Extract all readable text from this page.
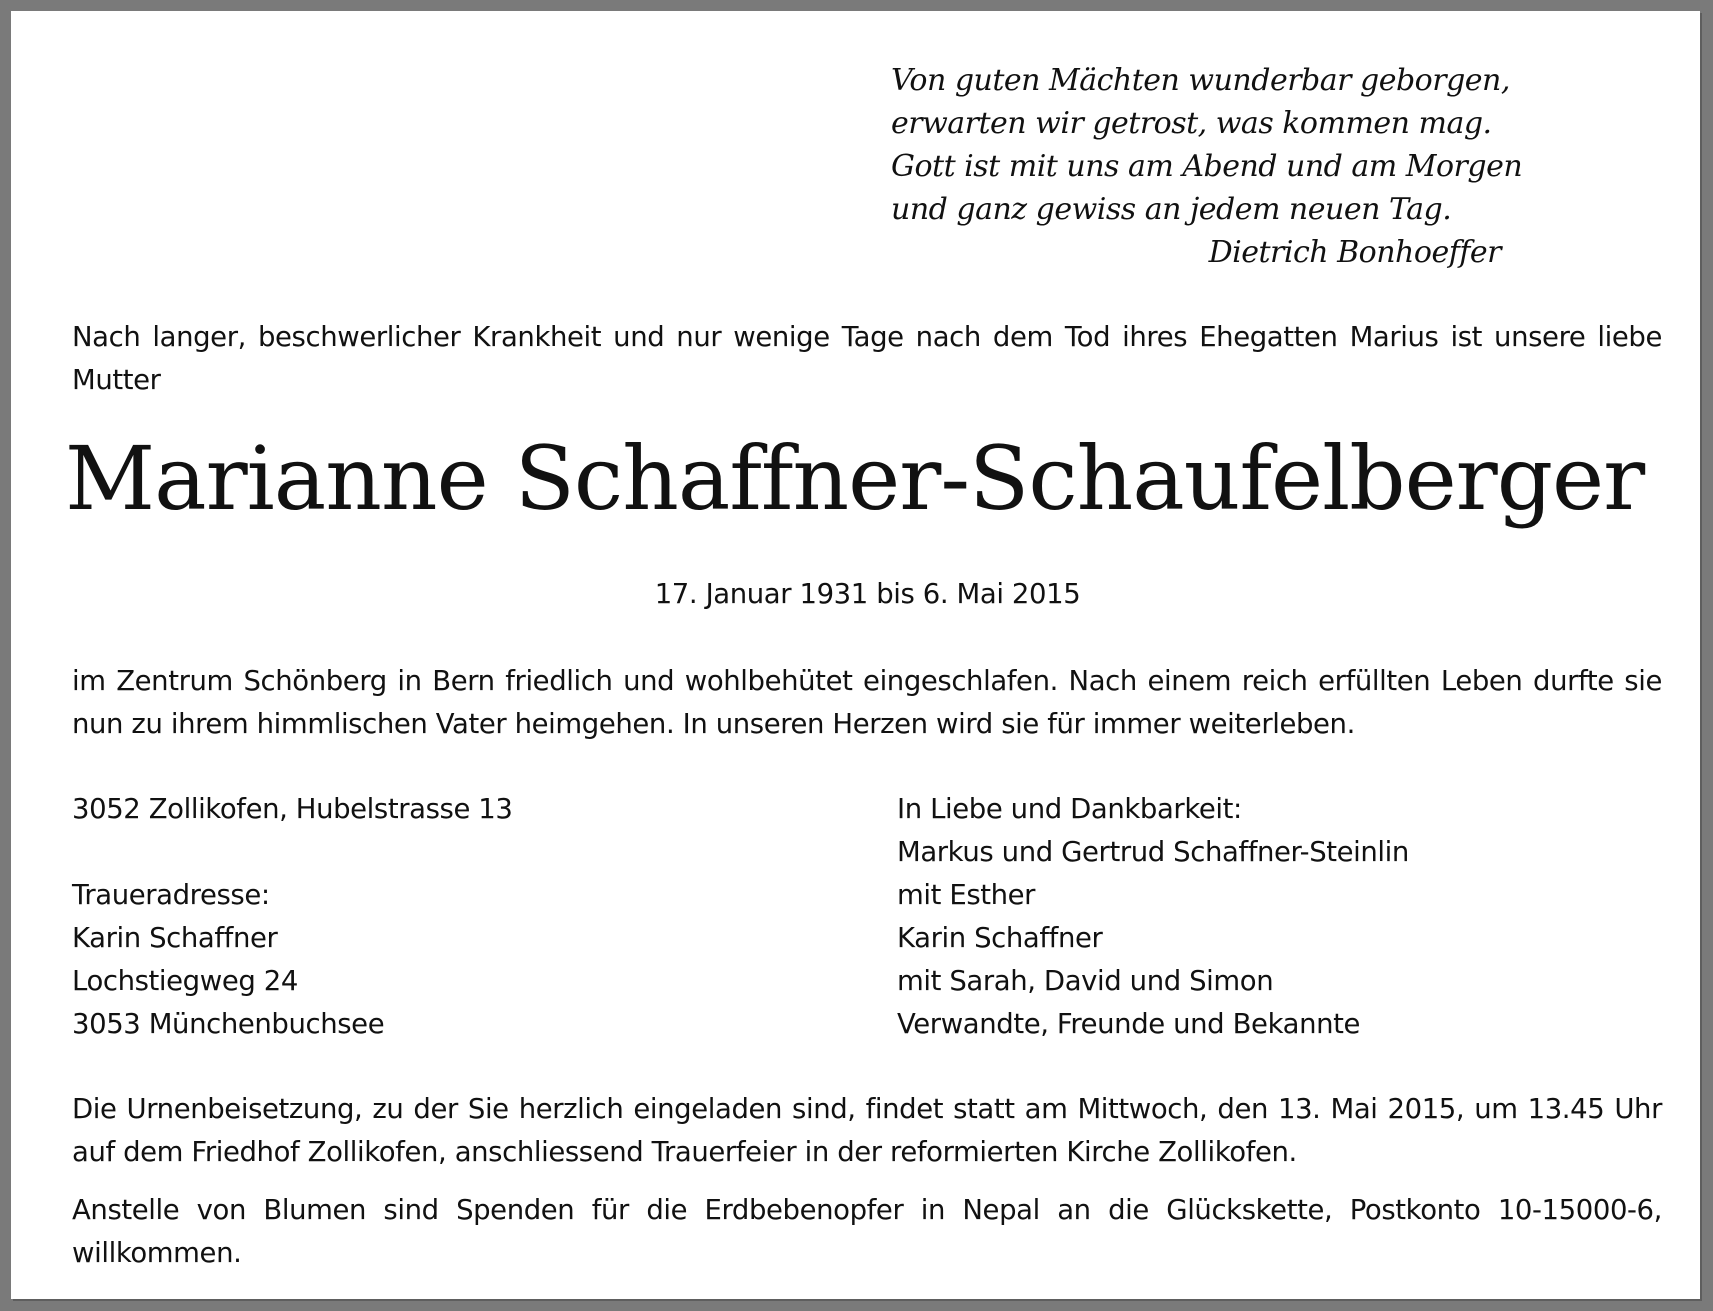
Von guten Mächten wunderbar geborgen,
erwarten wir getrost, was kommen mag.
Gott ist mit uns am Abend und am Morgen
und ganz gewiss an jedem neuen Tag.
Dietrich Bonhoeffer
Nach langer, beschwerlicher Krankheit und nur wenige Tage nach dem Tod ihres Ehegatten Marius ist unsere liebe Mutter
Marianne Schaffner-Schaufelberger
17. Januar 1931 bis 6. Mai 2015
im Zentrum Schönberg in Bern friedlich und wohlbehütet eingeschlafen. Nach einem reich erfüllten Leben durfte sie nun zu ihrem himmlischen Vater heimgehen. In unseren Herzen wird sie für immer weiterleben.
3052 Zollikofen, Hubelstrasse 13
Traueradresse:
Karin Schaffner
Lochstiegweg 24
3053 Münchenbuchsee
In Liebe und Dankbarkeit:
Markus und Gertrud Schaffner-Steinlin
mit Esther
Karin Schaffner
mit Sarah, David und Simon
Verwandte, Freunde und Bekannte
Die Urnenbeisetzung, zu der Sie herzlich eingeladen sind, findet statt am Mittwoch, den 13. Mai 2015, um 13.45 Uhr auf dem Friedhof Zollikofen, anschliessend Trauerfeier in der reformierten Kirche Zollikofen.
Anstelle von Blumen sind Spenden für die Erdbebenopfer in Nepal an die Glückskette, Postkonto 10-15000-6, willkommen.
